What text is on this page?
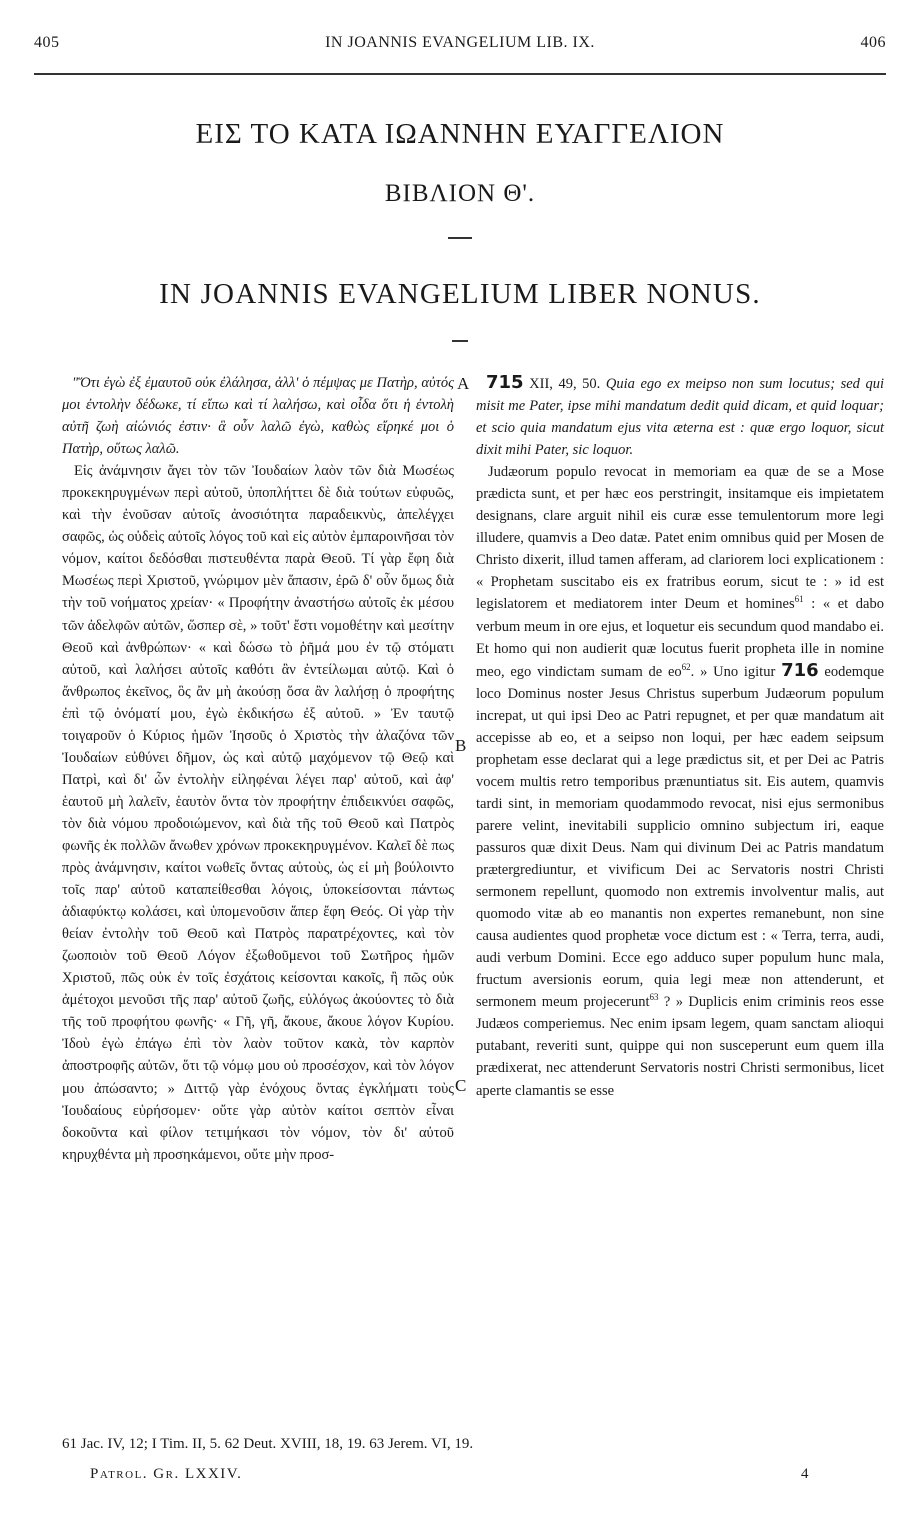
405	IN JOANNIS EVANGELIUM LIB. IX.	406
ΕΙΣ ΤΟ ΚΑΤΑ ΙΩΑΝΝΗΝ ΕΥΑΓΓΕΛΙΟΝ
ΒΙΒΛΙΟΝ Θ'.
IN JOANNIS EVANGELIUM LIBER NONUS.

"Ὅτι ἐγὼ ἐξ ἐμαυτοῦ οὐκ ἐλάλησα, ἀλλ' ὁ πέμψας με Πατὴρ, αὐτός μοι ἐντολὴν δέδωκε, τί εἴπω καὶ τί λαλήσω, καὶ οἶδα ὅτι ἡ ἐντολὴ αὐτῆ ζωὴ αἰώνιός ἐστιν· ἃ οὖν λαλῶ ἐγὼ, καθὼς εἴρηκέ μοι ὁ Πατὴρ, οὕτως λαλῶ.

Εἰς ἀνάμνησιν ἄγει τὸν τῶν Ἰουδαίων λαὸν τῶν διὰ Μωσέως προκεκηρυγμένων περὶ αὐτοῦ, ὑποπλήττει δὲ διὰ τούτων εὐφυῶς, καὶ τὴν ἐνοῦσαν αὐτοῖς ἀνοσιότητα παραδεικνὺς, ἀπελέγχει σαφῶς, ὡς οὐδεὶς αὐτοῖς λόγος τοῦ καὶ εἰς αὐτὸν ἐμπαροινῆσαι τὸν νόμον, καίτοι δεδόσθαι πιστευθέντα παρὰ Θεοῦ. Τί γὰρ ἔφη διὰ Μωσέως περὶ Χριστοῦ, γνώριμον μὲν ἅπασιν, ἐρῶ δ' οὖν ὅμως διὰ τὴν τοῦ νοήματος χρείαν· « Προφήτην ἀναστήσω αὐτοῖς ἐκ μέσου τῶν ἀδελφῶν αὐτῶν, ὥσπερ σὲ, » τοῦτ' ἔστι νομοθέτην καὶ μεσίτην Θεοῦ καὶ ἀνθρώπων· « καὶ δώσω τὸ ῥῆμά μου ἐν τῷ στόματι αὐτοῦ, καὶ λαλήσει αὐτοῖς καθότι ἂν ἐντείλωμαι αὐτῷ. Καὶ ὁ ἄνθρωπος ἐκεῖνος, ὃς ἂν μὴ ἀκούσῃ ὅσα ἂν λαλήσῃ ὁ προφήτης ἐπὶ τῷ ὀνόματί μου, ἐγὼ ἐκδικήσω ἐξ αὐτοῦ. » Ἐν ταυτῷ τοιγαροῦν ὁ Κύριος ἡμῶν Ἰησοῦς ὁ Χριστὸς τὴν ἀλαζόνα τῶν Ἰουδαίων εὐθύνει δῆμον, ὡς καὶ αὐτῷ μαχόμενον τῷ Θεῷ καὶ Πατρὶ, καὶ δι' ὧν ἐντολὴν εἰληφέναι λέγει παρ' αὐτοῦ, καὶ ἀφ' ἑαυτοῦ μὴ λαλεῖν, ἑαυτὸν ὄντα τὸν προφήτην ἐπιδεικνύει σαφῶς, τὸν διὰ νόμου προδοιώμενον, καὶ διὰ τῆς τοῦ Θεοῦ καὶ Πατρὸς φωνῆς ἐκ πολλῶν ἄνωθεν χρόνων προκεκηρυγμένον. Καλεῖ δὲ πως πρὸς ἀνάμνησιν, καίτοι νωθεῖς ὄντας αὐτοὺς, ὡς εἰ μὴ βούλοιντο τοῖς παρ' αὐτοῦ καταπείθεσθαι λόγοις, ὑποκείσονται πάντως ἀδιαφύκτῳ κολάσει, καὶ ὑπομενοῦσιν ἅπερ ἔφη Θεός. Οἱ γὰρ τὴν θείαν ἐντολὴν τοῦ Θεοῦ καὶ Πατρὸς παρατρέχοντες, καὶ τὸν ζωοποιὸν τοῦ Θεοῦ Λόγον ἐξωθοῦμενοι τοῦ Σωτῆρος ἡμῶν Χριστοῦ, πῶς οὐκ ἐν τοῖς ἐσχάτοις κείσονται κακοῖς, ἢ πῶς οὐκ ἀμέτοχοι μενοῦσι τῆς παρ' αὐτοῦ ζωῆς, εὐλόγως ἀκούοντες τὸ διὰ τῆς τοῦ προφήτου φωνῆς· « Γῆ, γῆ, ἄκουε, ἄκουε λόγον Κυρίου. Ἰδοὺ ἐγὼ ἐπάγω ἐπὶ τὸν λαὸν τοῦτον κακὰ, τὸν καρπὸν ἀποστροφῆς αὐτῶν, ὅτι τῷ νόμῳ μου οὐ προσέσχον, καὶ τὸν λόγον μου ἀπώσαντο; » Διττῷ γὰρ ἐνόχους ὄντας ἐγκλήματι τοὺς Ἰουδαίους εὑρήσομεν· οὔτε γὰρ αὐτὸν καίτοι σεπτὸν εἶναι δοκοῦντα καὶ φίλον τετιμήκασι τὸν νόμον, τὸν δι' αὐτοῦ κηρυχθέντα μὴ προσηκάμενοι, οὔτε μὴν προσ-

A
B
C

715 XII, 49, 50. Quia ego ex meipso non sum locutus; sed qui misit me Pater, ipse mihi mandatum dedit quid dicam, et quid loquar; et scio quia mandatum ejus vita æterna est : quæ ergo loquor, sicut dixit mihi Pater, sic loquor.

Judæorum populo revocat in memoriam ea quæ de se a Mose prædicta sunt, et per hæc eos perstringit, insitamque eis impietatem designans, clare arguit nihil eis curæ esse temulentorum more legi illudere, quamvis a Deo datæ. Patet enim omnibus quid per Mosen de Christo dixerit, illud tamen afferam, ad clariorem loci explicationem : « Prophetam suscitabo eis ex fratribus eorum, sicut te : » id est legislatorem et mediatorem inter Deum et homines$^{61}$ : « et dabo verbum meum in ore ejus, et loquetur eis secundum quod mandabo ei. Et homo qui non audierit quæ locutus fuerit propheta ille in nomine meo, ego vindictam sumam de $eo^{62}$. » Uno igitur 716 eodemque loco Dominus noster Jesus Christus superbum Judæorum populum increpat, ut qui ipsi Deo ac Patri repugnet, et per quæ mandatum ait accepisse ab eo, et a seipso non loqui, per hæc eadem seipsum prophetam esse declarat qui a lege prædictus sit, et per Dei ac Patris vocem multis retro temporibus prænuntiatus sit. Eis autem, quamvis tardi sint, in memoriam quodammodo revocat, nisi ejus sermonibus parere velint, inevitabili supplicio omnino subjectum iri, eaque passuros quæ dixit Deus. Nam qui divinum Dei ac Patris mandatum prætergrediuntur, et vivificum Dei ac Servatoris nostri Christi sermonem repellunt, quomodo non extremis involventur malis, aut quomodo vitæ ab eo manantis non expertes remanebunt, non sine causa audientes quod prophetæ voce dictum est : « Terra, terra, audi, audi verbum Domini. Ecce ego adduco super populum hunc mala, fructum aversionis eorum, quia legi meæ non attenderunt, et sermonem meum projecerunt$^{63}$ ? » Duplicis enim criminis reos esse Judæos comperiemus. Nec enim ipsam legem, quam sanctam alioqui putabant, reveriti sunt, quippe qui non susceperunt eum quem illa prædixerat, nec attenderunt Servatoris nostri Christi sermonibus, licet aperte clamantis se esse

61 Jac. IV, 12; I Tim. II, 5. 62 Deut. XVIII, 18, 19. 63 Jerem. VI, 19.
Patrol. Gr. LXXIV.	4
